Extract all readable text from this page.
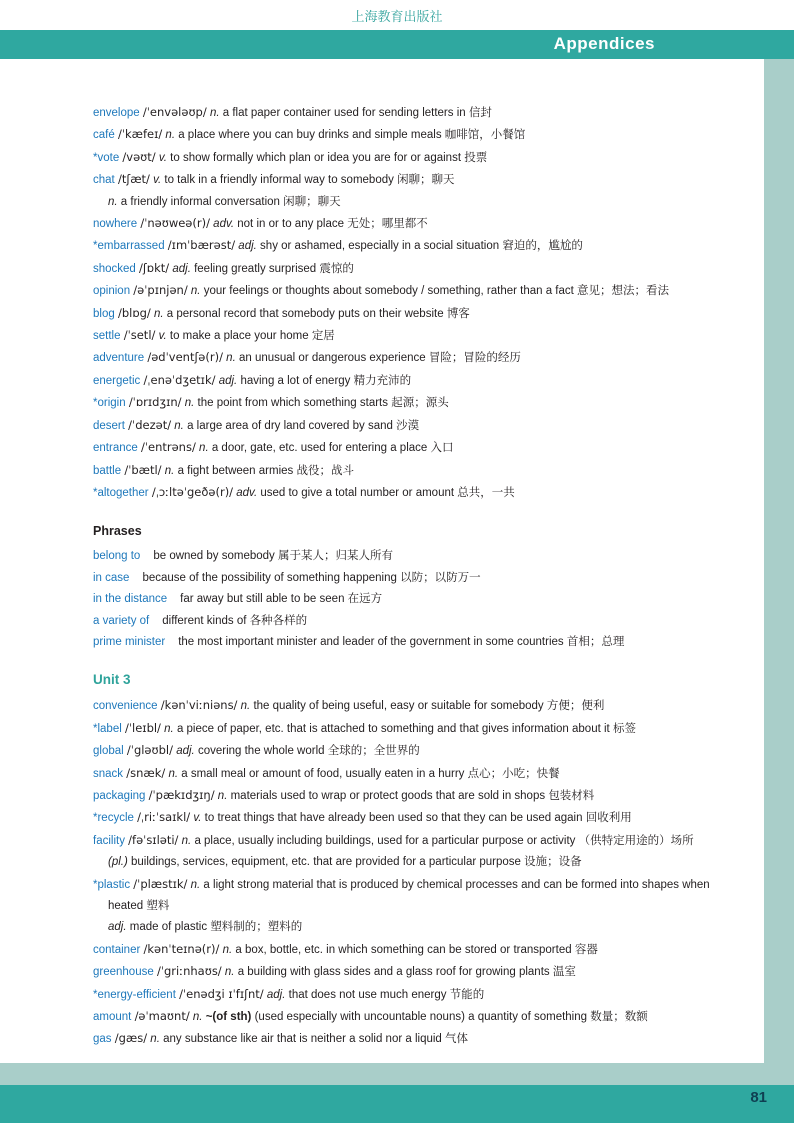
上海教育出版社
Appendices
envelope /ˈenvələʊp/ n. a flat paper container used for sending letters in 信封
café /ˈkæfeɪ/ n. a place where you can buy drinks and simple meals 咖啡馆，小餐馆
*vote /vəʊt/ v. to show formally which plan or idea you are for or against 投票
chat /tʃæt/ v. to talk in a friendly informal way to somebody 闲聊；聊天
n. a friendly informal conversation 闲聊；聊天
nowhere /ˈnəʊweə(r)/ adv. not in or to any place 无处；哪里都不
*embarrassed /ɪmˈbærəst/ adj. shy or ashamed, especially in a social situation 窘迫的，尴尬的
shocked /ʃɒkt/ adj. feeling greatly surprised 震惊的
opinion /əˈpɪnjən/ n. your feelings or thoughts about somebody / something, rather than a fact 意见；想法；看法
blog /blɒg/ n. a personal record that somebody puts on their website 博客
settle /ˈsetl/ v. to make a place your home 定居
adventure /ədˈventʃə(r)/ n. an unusual or dangerous experience 冒险；冒险的经历
energetic /ˌenəˈdʒetɪk/ adj. having a lot of energy 精力充沛的
*origin /ˈɒrɪdʒɪn/ n. the point from which something starts 起源；源头
desert /ˈdezət/ n. a large area of dry land covered by sand 沙漠
entrance /ˈentrəns/ n. a door, gate, etc. used for entering a place 入口
battle /ˈbætl/ n. a fight between armies 战役；战斗
*altogether /ˌɔːltəˈgeðə(r)/ adv. used to give a total number or amount 总共，一共
Phrases
belong to be owned by somebody 属于某人；归某人所有
in case because of the possibility of something happening 以防；以防万一
in the distance far away but still able to be seen 在远方
a variety of different kinds of 各种各样的
prime minister the most important minister and leader of the government in some countries 首相；总理
Unit 3
convenience /kənˈviːniəns/ n. the quality of being useful, easy or suitable for somebody 方便；便利
*label /ˈleɪbl/ n. a piece of paper, etc. that is attached to something and that gives information about it 标签
global /ˈgləʊbl/ adj. covering the whole world 全球的；全世界的
snack /snæk/ n. a small meal or amount of food, usually eaten in a hurry 点心；小吃；快餐
packaging /ˈpækɪdʒɪŋ/ n. materials used to wrap or protect goods that are sold in shops 包装材料
*recycle /ˌriːˈsaɪkl/ v. to treat things that have already been used so that they can be used again 回收利用
facility /fəˈsɪləti/ n. a place, usually including buildings, used for a particular purpose or activity （供特定用途的）场所
(pl.) buildings, services, equipment, etc. that are provided for a particular purpose 设施；设备
*plastic /ˈplæstɪk/ n. a light strong material that is produced by chemical processes and can be formed into shapes when heated 塑料
adj. made of plastic 塑料制的；塑料的
container /kənˈteɪnə(r)/ n. a box, bottle, etc. in which something can be stored or transported 容器
greenhouse /ˈgriːnhaʊs/ n. a building with glass sides and a glass roof for growing plants 温室
*energy-efficient /ˈenədʒi ɪˈfɪʃnt/ adj. that does not use much energy 节能的
amount /əˈmaʊnt/ n. ~(of sth) (used especially with uncountable nouns) a quantity of something 数量；数额
gas /gæs/ n. any substance like air that is neither a solid nor a liquid 气体
81
